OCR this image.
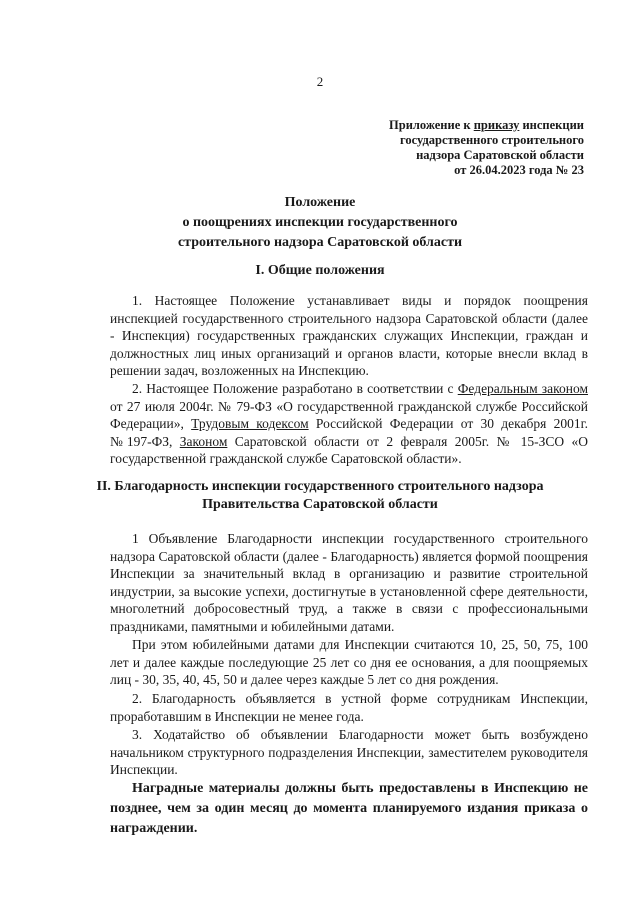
2
Приложение к приказу инспекции
государственного строительного
надзора Саратовской области
от 26.04.2023 года № 23
Положение
о поощрениях инспекции государственного
строительного надзора Саратовской области
I. Общие положения
1. Настоящее Положение устанавливает виды и порядок поощрения инспекцией государственного строительного надзора Саратовской области (далее - Инспекция) государственных гражданских служащих Инспекции, граждан и должностных лиц иных организаций и органов власти, которые внесли вклад в решении задач, возложенных на Инспекцию.
2. Настоящее Положение разработано в соответствии с Федеральным законом от 27 июля 2004г. № 79-ФЗ «О государственной гражданской службе Российской Федерации», Трудовым кодексом Российской Федерации от 30 декабря 2001г. №197-ФЗ, Законом Саратовской области от 2 февраля 2005г. № 15-ЗСО «О государственной гражданской службе Саратовской области».
II. Благодарность инспекции государственного строительного надзора
Правительства Саратовской области
1 Объявление Благодарности инспекции государственного строительного надзора Саратовской области (далее - Благодарность) является формой поощрения Инспекции за значительный вклад в организацию и развитие строительной индустрии, за высокие успехи, достигнутые в установленной сфере деятельности, многолетний добросовестный труд, а также в связи с профессиональными праздниками, памятными и юбилейными датами.
При этом юбилейными датами для Инспекции считаются 10, 25, 50, 75, 100 лет и далее каждые последующие 25 лет со дня ее основания, а для поощряемых лиц - 30, 35, 40, 45, 50 и далее через каждые 5 лет со дня рождения.
2. Благодарность объявляется в устной форме сотрудникам Инспекции, проработавшим в Инспекции не менее года.
3. Ходатайство об объявлении Благодарности может быть возбуждено начальником структурного подразделения Инспекции, заместителем руководителя Инспекции.
Наградные материалы должны быть предоставлены в Инспекцию не позднее, чем за один месяц до момента планируемого издания приказа о награждении.
